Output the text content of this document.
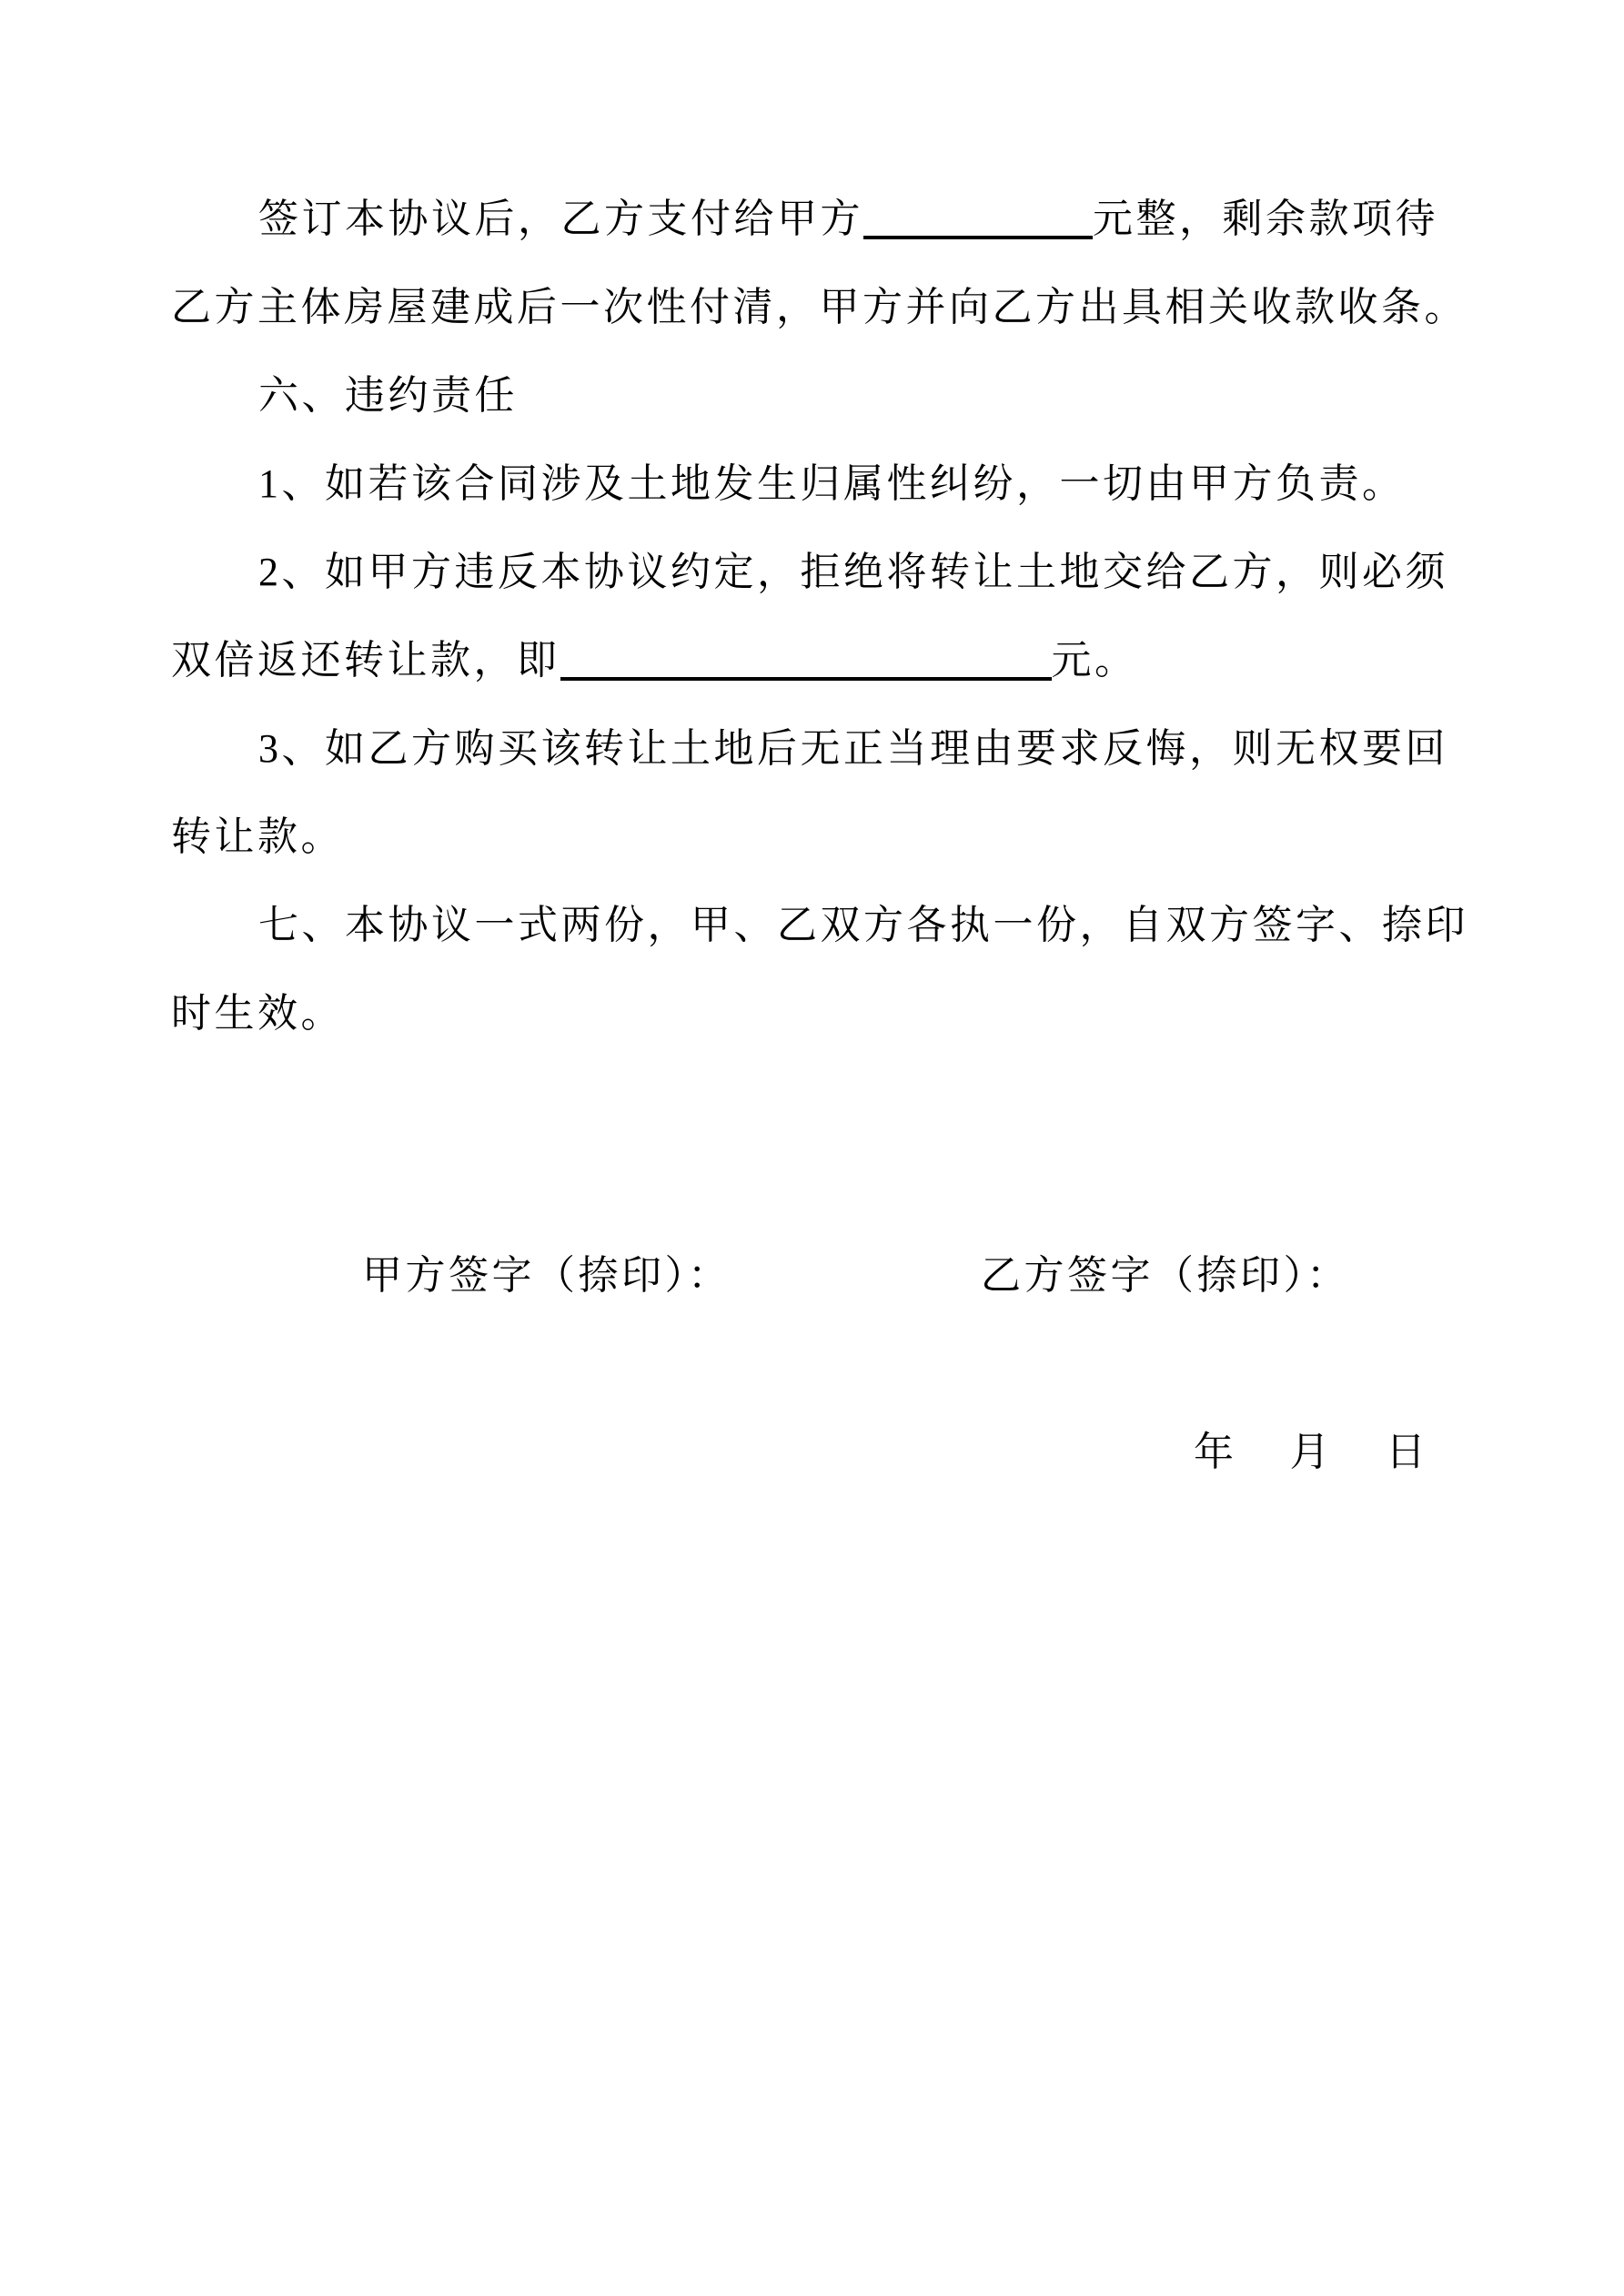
签订本协议后，乙方支付给甲方	元整，剩余款项待
乙方主体房屋建成后一次性付清，甲方并向乙方出具相关收款收条。
六、违约责任
1、如若该合同涉及土地发生归属性纠纷，一切由甲方负责。
2、如甲方违反本协议约定，拒绝将转让土地交给乙方，则必须
双倍返还转让款，即	元。
3、如乙方购买该转让土地后无正当理由要求反悔，则无权要回
转让款。
七、本协议一式两份，甲、乙双方各执一份，自双方签字、捺印
时生效。
甲方签字（捺印）：	乙方签字（捺印）：
年 月 日
